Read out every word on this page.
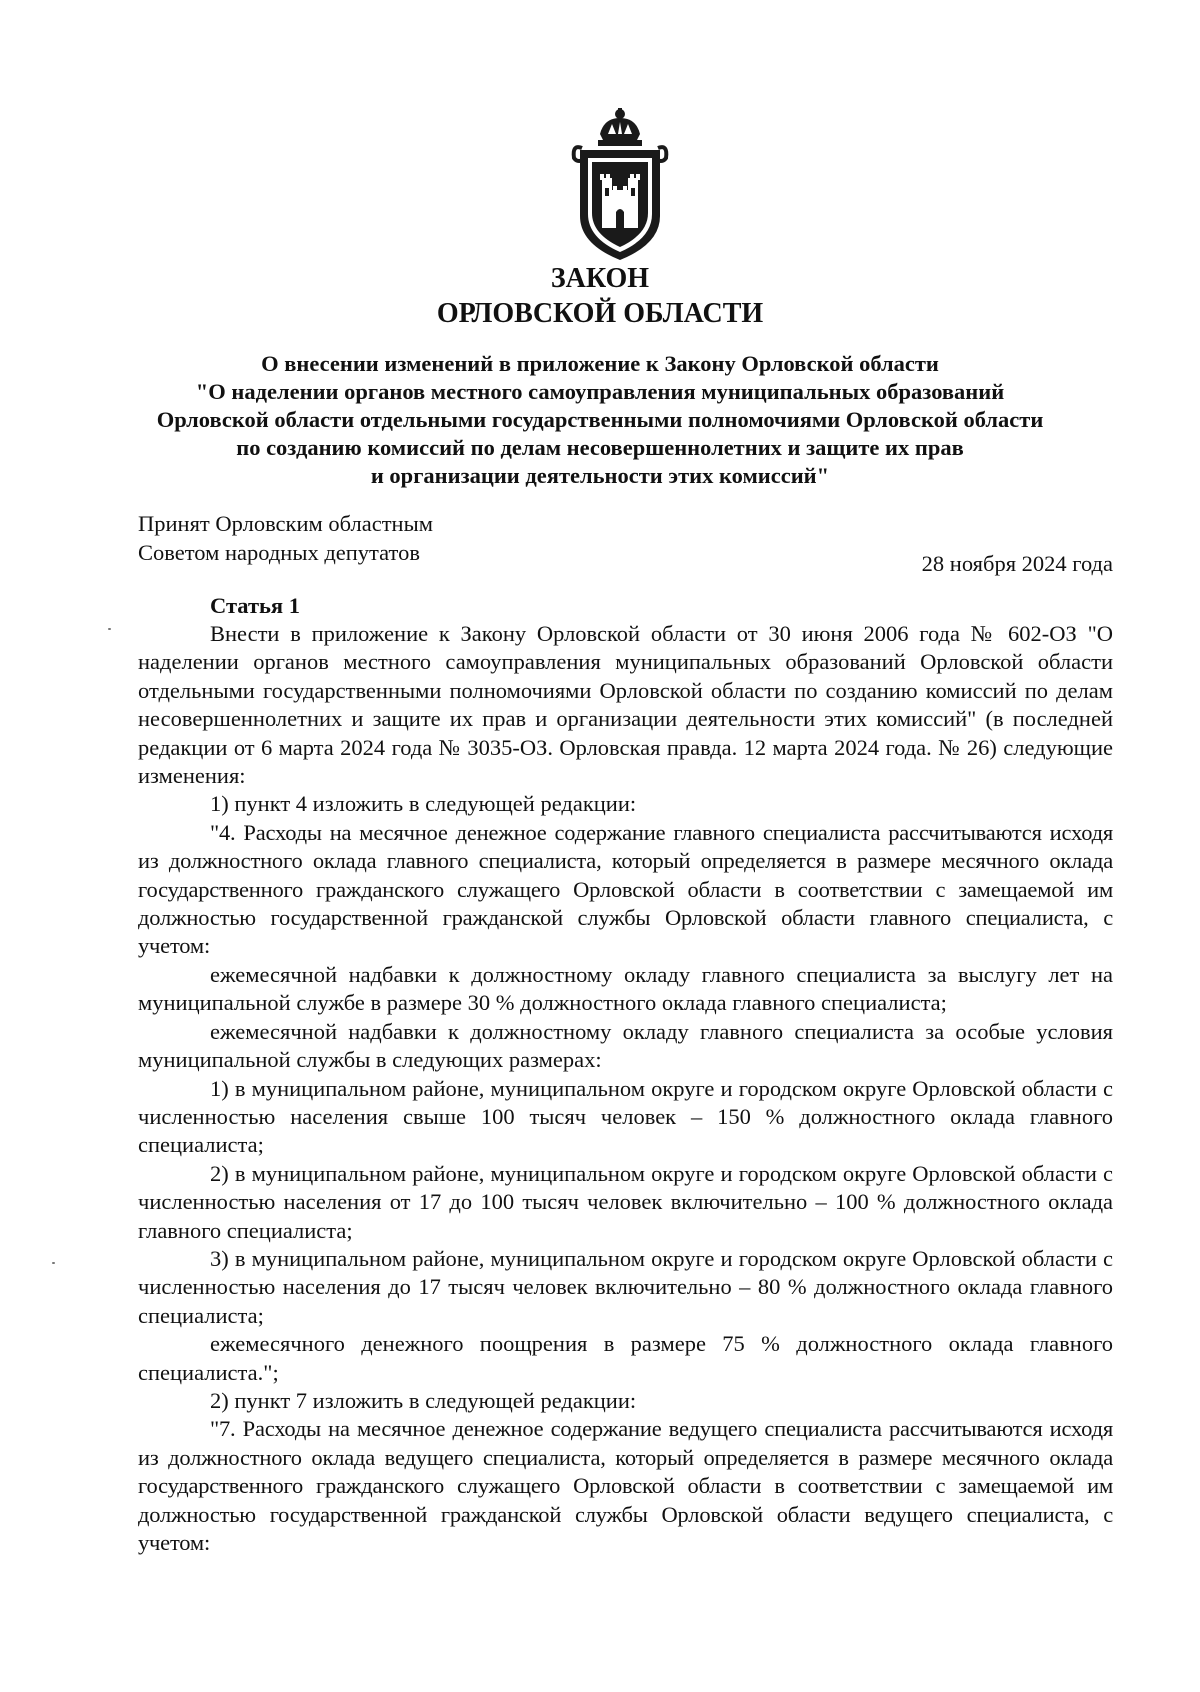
ЗАКОН
ОРЛОВСКОЙ ОБЛАСТИ
О внесении изменений в приложение к Закону Орловской области
"О наделении органов местного самоуправления муниципальных образований
Орловской области отдельными государственными полномочиями Орловской области
по созданию комиссий по делам несовершеннолетних и защите их прав
и организации деятельности этих комиссий"
Принят Орловским областным
Советом народных депутатов	28 ноября 2024 года
Статья 1

Внести в приложение к Закону Орловской области от 30 июня 2006 года № 602-ОЗ "О наделении органов местного самоуправления муниципальных образований Орловской области отдельными государственными полномочиями Орловской области по созданию комиссий по делам несовершеннолетних и защите их прав и организации деятельности этих комиссий" (в последней редакции от 6 марта 2024 года № 3035-ОЗ. Орловская правда. 12 марта 2024 года. № 26) следующие изменения:

1) пункт 4 изложить в следующей редакции:

"4. Расходы на месячное денежное содержание главного специалиста рассчитываются исходя из должностного оклада главного специалиста, который определяется в размере месячного оклада государственного гражданского служащего Орловской области в соответствии с замещаемой им должностью государственной гражданской службы Орловской области главного специалиста, с учетом:

ежемесячной надбавки к должностному окладу главного специалиста за выслугу лет на муниципальной службе в размере 30 % должностного оклада главного специалиста;

ежемесячной надбавки к должностному окладу главного специалиста за особые условия муниципальной службы в следующих размерах:

1) в муниципальном районе, муниципальном округе и городском округе Орловской области с численностью населения свыше 100 тысяч человек – 150 % должностного оклада главного специалиста;

2) в муниципальном районе, муниципальном округе и городском округе Орловской области с численностью населения от 17 до 100 тысяч человек включительно – 100 % должностного оклада главного специалиста;

3) в муниципальном районе, муниципальном округе и городском округе Орловской области с численностью населения до 17 тысяч человек включительно – 80 % должностного оклада главного специалиста;

ежемесячного денежного поощрения в размере 75 % должностного оклада главного специалиста.";

2) пункт 7 изложить в следующей редакции:

"7. Расходы на месячное денежное содержание ведущего специалиста рассчитываются исходя из должностного оклада ведущего специалиста, который определяется в размере месячного оклада государственного гражданского служащего Орловской области в соответствии с замещаемой им должностью государственной гражданской службы Орловской области ведущего специалиста, с учетом:
